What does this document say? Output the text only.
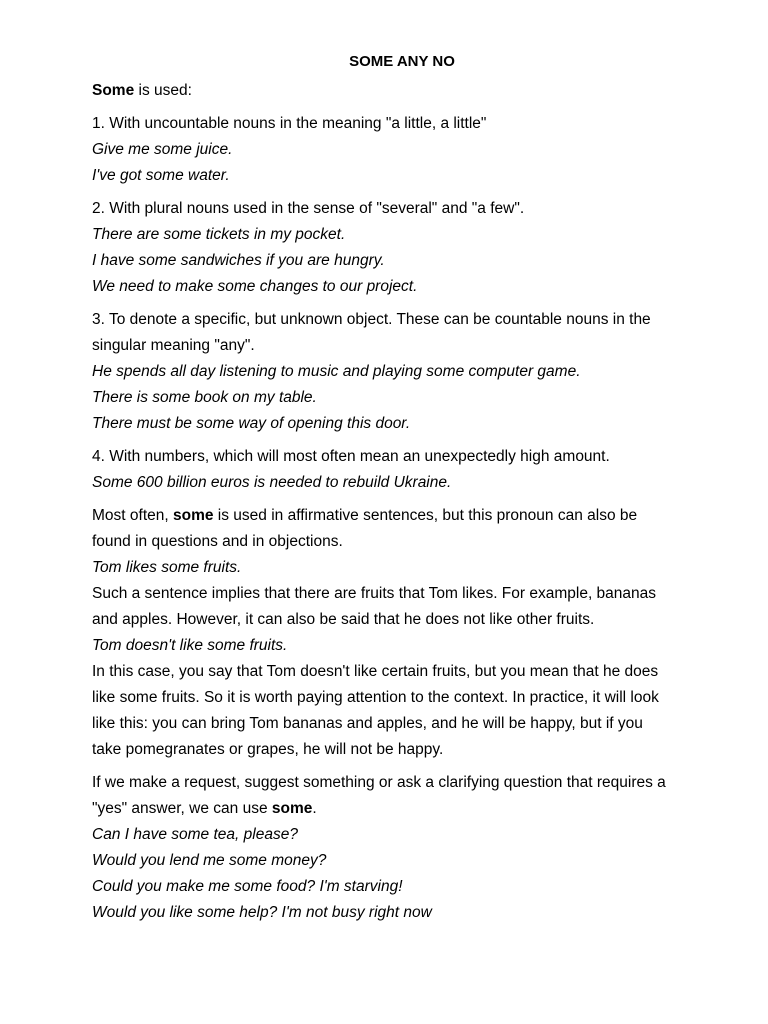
SOME ANY NO
Some is used:
1. With uncountable nouns in the meaning "a little, a little"
Give me some juice.
I've got some water.
2. With plural nouns used in the sense of "several" and "a few".
There are some tickets in my pocket.
I have some sandwiches if you are hungry.
We need to make some changes to our project.
3. To denote a specific, but unknown object. These can be countable nouns in the
singular meaning "any".
He spends all day listening to music and playing some computer game.
There is some book on my table.
There must be some way of opening this door.
4. With numbers, which will most often mean an unexpectedly high amount.
Some 600 billion euros is needed to rebuild Ukraine.
Most often, some is used in affirmative sentences, but this pronoun can also be
found in questions and in objections.
Tom likes some fruits.
Such a sentence implies that there are fruits that Tom likes. For example, bananas
and apples. However, it can also be said that he does not like other fruits.
Tom doesn't like some fruits.
In this case, you say that Tom doesn't like certain fruits, but you mean that he does
like some fruits. So it is worth paying attention to the context. In practice, it will look
like this: you can bring Tom bananas and apples, and he will be happy, but if you
take pomegranates or grapes, he will not be happy.
If we make a request, suggest something or ask a clarifying question that requires a
"yes" answer, we can use some.
Can I have some tea, please?
Would you lend me some money?
Could you make me some food? I'm starving!
Would you like some help? I'm not busy right now
